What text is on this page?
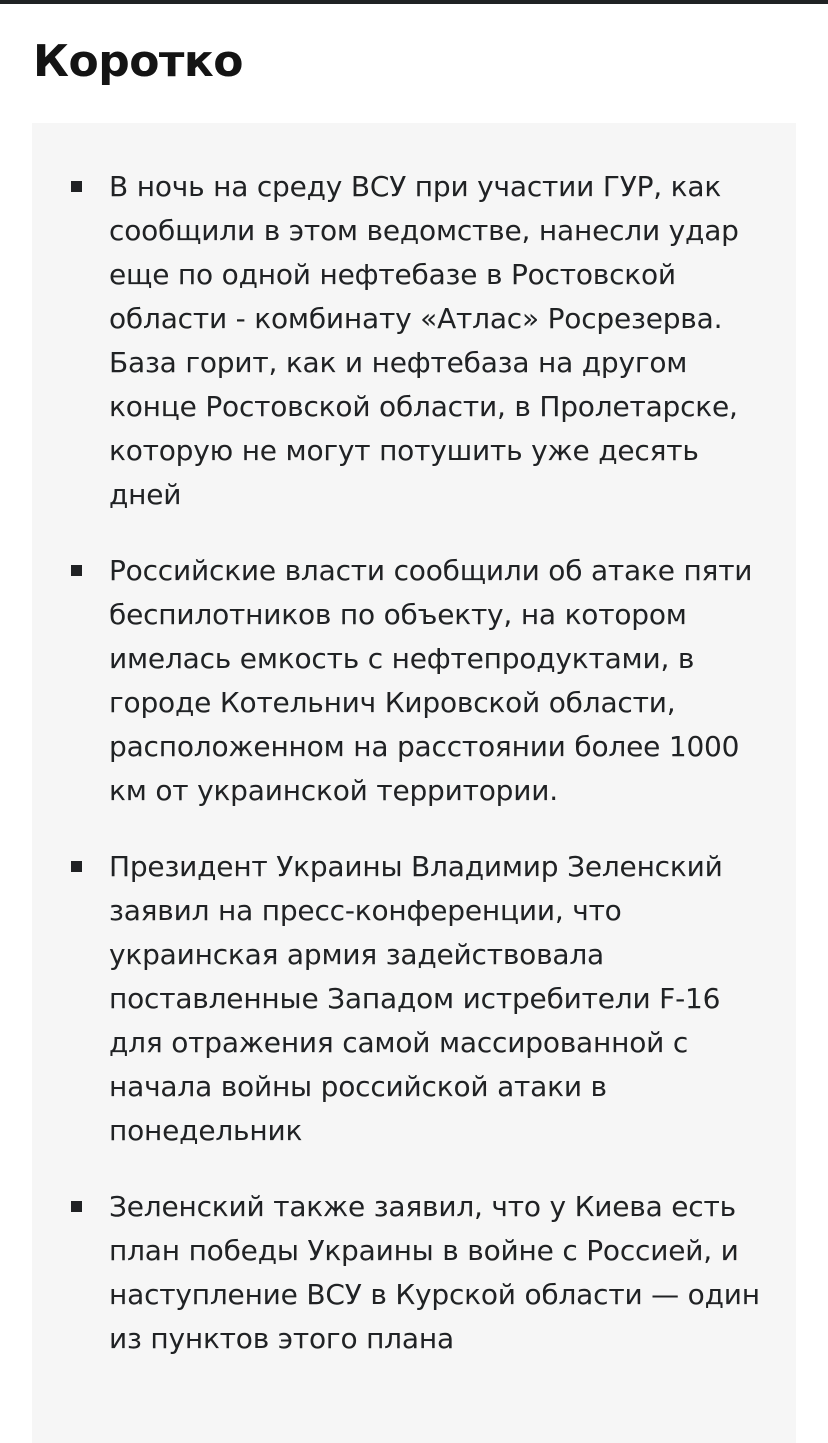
Коротко
В ночь на среду ВСУ при участии ГУР, как сообщили в этом ведомстве, нанесли удар еще по одной нефтебазе в Ростовской области - комбинату «Атлас» Росрезерва. База горит, как и нефтебаза на другом конце Ростовской области, в Пролетарске, которую не могут потушить уже десять дней
Российские власти сообщили об атаке пяти беспилотников по объекту, на котором имелась емкость с нефтепродуктами, в городе Котельнич Кировской области, расположенном на расстоянии более 1000 км от украинской территории.
Президент Украины Владимир Зеленский заявил на пресс-конференции, что украинская армия задействовала поставленные Западом истребители F-16 для отражения самой массированной с начала войны российской атаки в понедельник
Зеленский также заявил, что у Киева есть план победы Украины в войне с Россией, и наступление ВСУ в Курской области — один из пунктов этого плана
